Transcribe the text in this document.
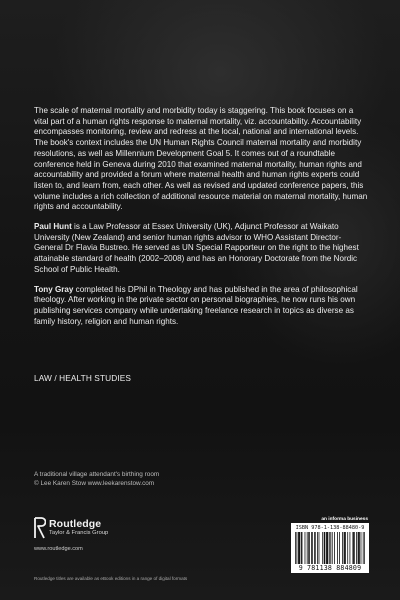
The scale of maternal mortality and morbidity today is staggering. This book focuses on a vital part of a human rights response to maternal mortality, viz. accountability. Accountability encompasses monitoring, review and redress at the local, national and international levels. The book's context includes the UN Human Rights Council maternal mortality and morbidity resolutions, as well as Millennium Development Goal 5. It comes out of a roundtable conference held in Geneva during 2010 that examined maternal mortality, human rights and accountability and provided a forum where maternal health and human rights experts could listen to, and learn from, each other. As well as revised and updated conference papers, this volume includes a rich collection of additional resource material on maternal mortality, human rights and accountability.

Paul Hunt is a Law Professor at Essex University (UK), Adjunct Professor at Waikato University (New Zealand) and senior human rights advisor to WHO Assistant Director-General Dr Flavia Bustreo. He served as UN Special Rapporteur on the right to the highest attainable standard of health (2002–2008) and has an Honorary Doctorate from the Nordic School of Public Health.

Tony Gray completed his DPhil in Theology and has published in the area of philosophical theology. After working in the private sector on personal biographies, he now runs his own publishing services company while undertaking freelance research in topics as diverse as family history, religion and human rights.

LAW / HEALTH STUDIES
A traditional village attendant's birthing room
© Lee Karen Stow www.leekarenstow.com
Routledge
Taylor & Francis Group
www.routledge.com
Routledge titles are available as eBook editions in a range of digital formats
an informa business
ISBN 978-1-138-88480-9
9 781138 884809
